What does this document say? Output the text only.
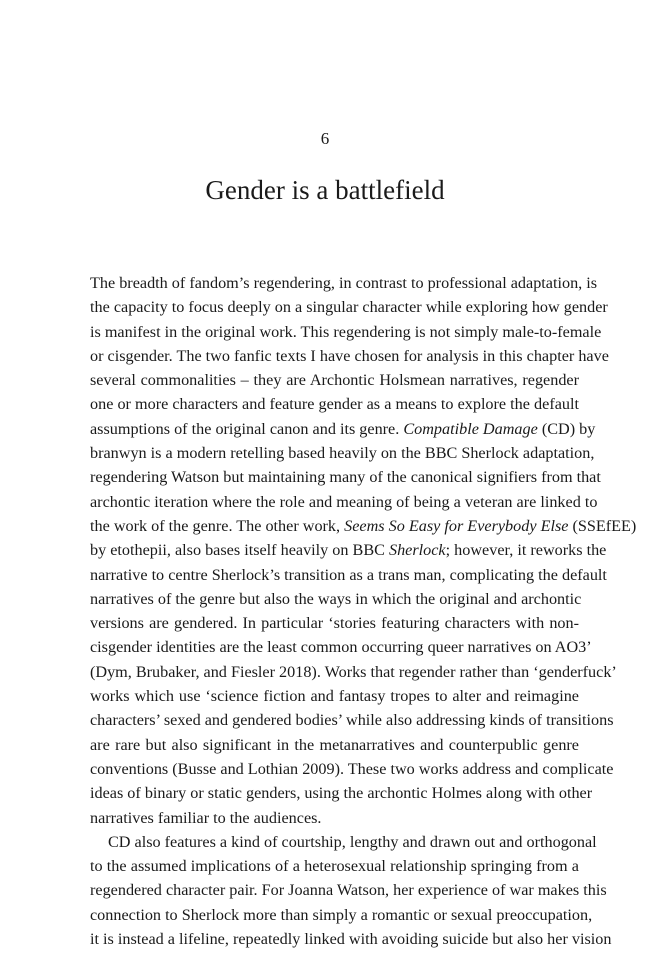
6
Gender is a battlefield
The breadth of fandom’s regendering, in contrast to professional adaptation, is
the capacity to focus deeply on a singular character while exploring how gender
is manifest in the original work. This regendering is not simply male-to-female
or cisgender. The two fanfic texts I have chosen for analysis in this chapter have
several commonalities – they are Archontic Holsmean narratives, regender
one or more characters and feature gender as a means to explore the default
assumptions of the original canon and its genre. Compatible Damage (CD) by
branwyn is a modern retelling based heavily on the BBC Sherlock adaptation,
regendering Watson but maintaining many of the canonical signifiers from that
archontic iteration where the role and meaning of being a veteran are linked to
the work of the genre. The other work, Seems So Easy for Everybody Else (SSEfEE)
by etothepii, also bases itself heavily on BBC Sherlock; however, it reworks the
narrative to centre Sherlock’s transition as a trans man, complicating the default
narratives of the genre but also the ways in which the original and archontic
versions are gendered. In particular ‘stories featuring characters with non-
cisgender identities are the least common occurring queer narratives on AO3’
(Dym, Brubaker, and Fiesler 2018). Works that regender rather than ‘genderfuck’
works which use ‘science fiction and fantasy tropes to alter and reimagine
characters’ sexed and gendered bodies’ while also addressing kinds of transitions
are rare but also significant in the metanarratives and counterpublic genre
conventions (Busse and Lothian 2009). These two works address and complicate
ideas of binary or static genders, using the archontic Holmes along with other
narratives familiar to the audiences.
CD also features a kind of courtship, lengthy and drawn out and orthogonal
to the assumed implications of a heterosexual relationship springing from a
regendered character pair. For Joanna Watson, her experience of war makes this
connection to Sherlock more than simply a romantic or sexual preoccupation,
it is instead a lifeline, repeatedly linked with avoiding suicide but also her vision
